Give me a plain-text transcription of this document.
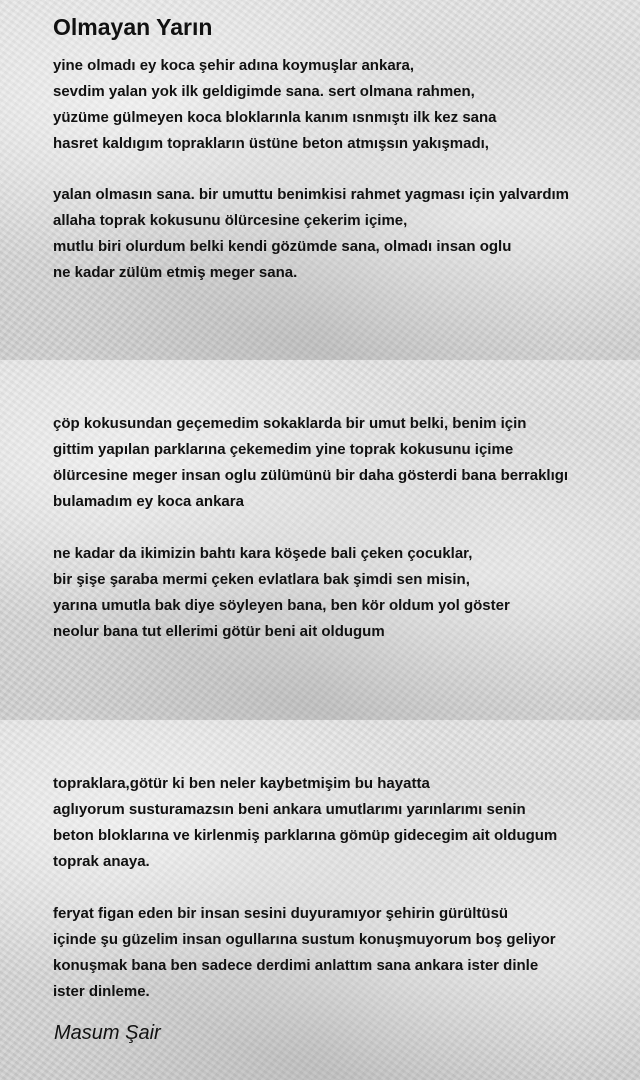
Olmayan Yarın
yine olmadı ey koca şehir adına koymuşlar ankara,
sevdim yalan yok ilk geldigimde sana. sert olmana rahmen,
yüzüme gülmeyen koca bloklarınla kanım ısnmıştı ilk kez sana
hasret kaldıgım toprakların üstüne beton atmışsın yakışmadı,
yalan olmasın sana. bir umuttu benimkisi rahmet yagması için yalvardım
allaha toprak kokusunu ölürcesine çekerim içime,
mutlu biri olurdum belki kendi gözümde sana, olmadı insan oglu
ne kadar zülüm etmiş meger sana.
çöp kokusundan geçemedim sokaklarda bir umut belki, benim için
gittim yapılan parklarına çekemedim yine toprak kokusunu içime
ölürcesine meger insan oglu zülümünü bir daha gösterdi bana berraklıgı
bulamadım ey koca ankara
ne kadar da ikimizin bahtı kara köşede bali çeken çocuklar,
bir şişe şaraba mermi çeken evlatlara bak şimdi sen misin,
yarına umutla bak diye söyleyen bana, ben kör oldum yol göster
neolur bana tut ellerimi götür beni ait oldugum
topraklara,götür ki ben neler kaybetmişim bu hayatta
aglıyorum susturamazsın beni ankara umutlarımı yarınlarımı senin
beton bloklarına ve kirlenmiş parklarına gömüp gidecegim ait oldugum
toprak anaya.
feryat figan eden bir insan sesini duyuramıyor şehirin gürültüsü
içinde şu güzelim insan ogullarına sustum konuşmuyorum boş geliyor
konuşmak bana ben sadece derdimi anlattım sana ankara ister dinle
ister dinleme.

Masum Şair
